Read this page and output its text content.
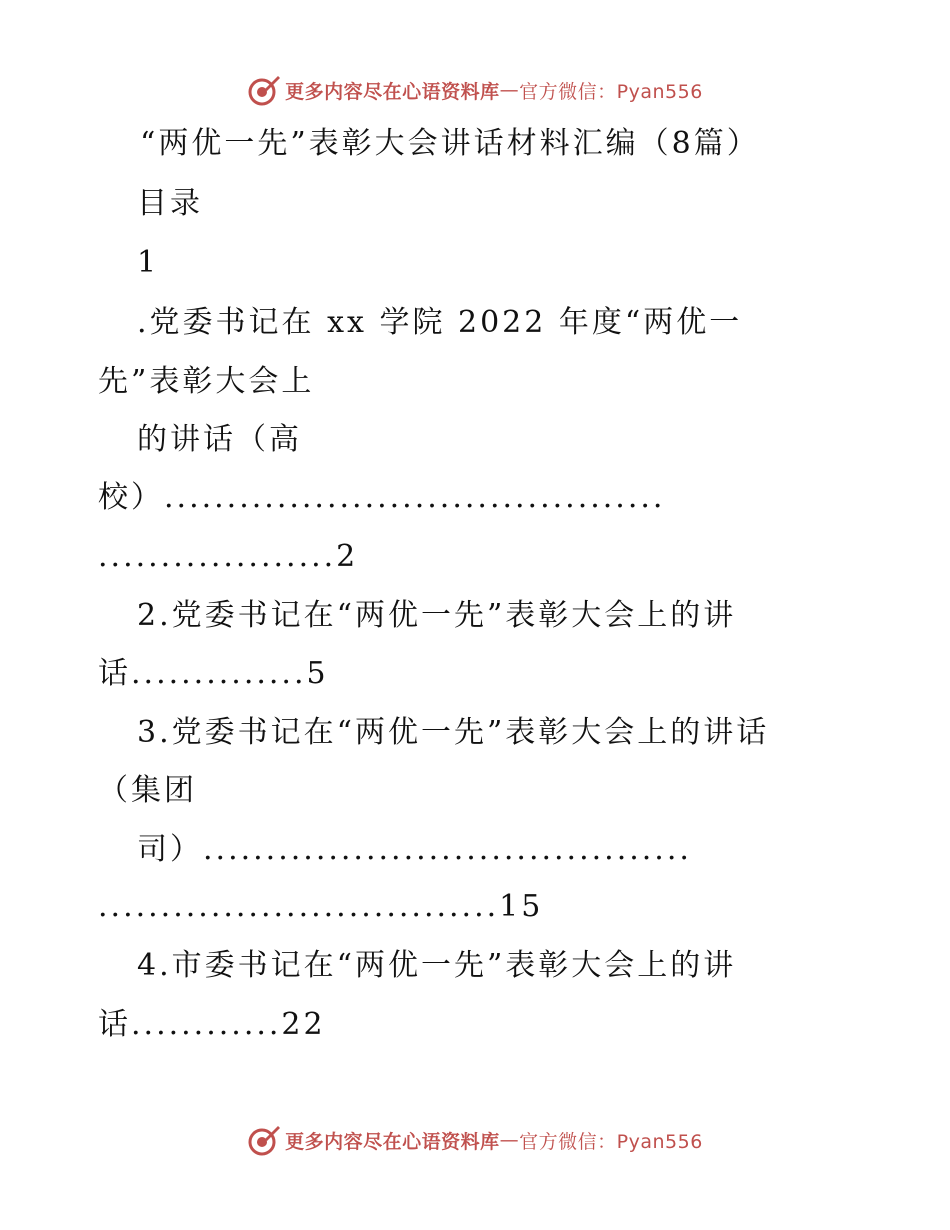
更多内容尽在心语资料库 — 官方微信：Pyan556
“两优一先”表彰大会讲话材料汇编（8篇）
目录
1
.党委书记在 xx 学院 2022 年度“两优一
先”表彰大会上
的讲话（高
校）........................................
...................2
2.党委书记在“两优一先”表彰大会上的讲
话..............5
3.党委书记在“两优一先”表彰大会上的讲话
（集团
司）.......................................
................................15
4.市委书记在“两优一先”表彰大会上的讲
话............22
更多内容尽在心语资料库 — 官方微信：Pyan556
